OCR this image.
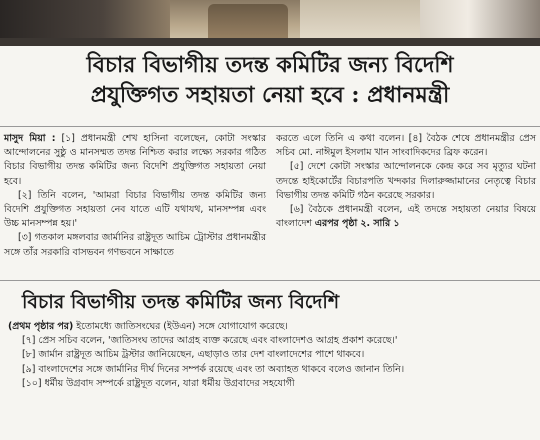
বিচার বিভাগীয় তদন্ত কমিটির জন্য বিদেশি
প্রযুক্তিগত সহায়তা নেয়া হবে : প্রধানমন্ত্রী

মাসুদ মিয়া : [১] প্রধানমন্ত্রী শেখ হাসিনা বলেছেন, কোটা সংস্কার আন্দোলনের সুষ্ঠু ও মানসম্মত তদন্ত নিশ্চিত করার লক্ষ্যে সরকার গঠিত বিচার বিভাগীয় তদন্ত কমিটির জন্য বিদেশি প্রযুক্তিগত সহায়তা নেয়া হবে।

[২] তিনি বলেন, 'আমরা বিচার বিভাগীয় তদন্ত কমিটির জন্য বিদেশি প্রযুক্তিগত সহায়তা নেব যাতে এটি যথাযথ, মানসম্পন্ন এবং উচ্চ মানসম্পন্ন হয়।'

[৩] গতকাল মঙ্গলবার জার্মানির রাষ্ট্রদূত আচিম ট্রোস্টার প্রধানমন্ত্রীর সঙ্গে তাঁর সরকারি বাসভবন গণভবনে সাক্ষাতে

করতে এলে তিনি এ কথা বলেন। [৪] বৈঠক শেষে প্রধানমন্ত্রীর প্রেস সচিব মো. নাঈমুল ইসলাম খান সাংবাদিকদের ব্রিফ করেন।

[৫] দেশে কোটা সংস্কার আন্দোলনকে কেন্দ্র করে সব মৃত্যুর ঘটনা তদন্তে হাইকোর্টের বিচারপতি খন্দকার দিলারুজ্জামানের নেতৃত্বে বিচার বিভাগীয় তদন্ত কমিটি গঠন করেছে সরকার।

[৬] বৈঠকে প্রধানমন্ত্রী বলেন, এই তদন্তে সহায়তা নেয়ার বিষয়ে বাংলাদেশ এরপর পৃষ্ঠা ২. সারি ১

বিচার বিভাগীয় তদন্ত কমিটির জন্য বিদেশি

(প্রথম পৃষ্ঠার পর) ইতোমধ্যে জাতিসংঘের (ইউএন) সঙ্গে যোগাযোগ করেছে।

[৭] প্রেস সচিব বলেন, 'জাতিসংঘ তাদের আগ্রহ ব্যক্ত করেছে এবং বাংলাদেশও আগ্রহ প্রকাশ করেছে।'

[৮] জার্মান রাষ্ট্রদূত আচিম ট্রস্টার জানিয়েছেন, এছাড়াও তার দেশ বাংলাদেশের পাশে থাকবে।

[৯] বাংলাদেশের সঙ্গে জার্মানির দীর্ঘ দিনের সম্পর্ক রয়েছে এবং তা অব্যাহত থাকবে বলেও জানান তিনি।

[১০] ধর্মীয় উগ্রবাদ সম্পর্কে রাষ্ট্রদূত বলেন, যারা ধর্মীয় উগ্রবাদের সহযোগী
